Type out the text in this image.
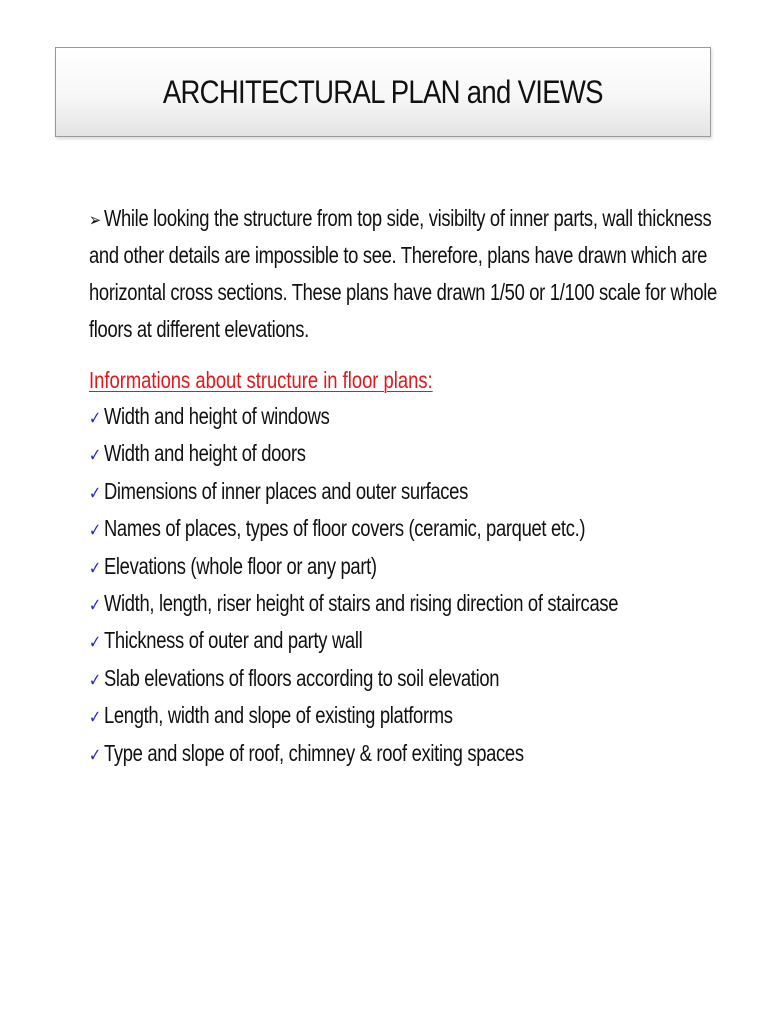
ARCHITECTURAL PLAN and VIEWS
➢ While looking the structure from top side, visibilty of inner parts, wall thickness
and other details are impossible to see. Therefore, plans have drawn which are
horizontal cross sections. These plans have drawn 1/50 or 1/100 scale for whole
floors at different elevations.
Informations about structure in floor plans:
✓ Width and height of windows
✓ Width and height of doors
✓ Dimensions of inner places and outer surfaces
✓ Names of places, types of floor covers (ceramic, parquet etc.)
✓ Elevations (whole floor or any part)
✓ Width, length, riser height of stairs and rising direction of staircase
✓ Thickness of outer and party wall
✓ Slab elevations of floors according to soil elevation
✓ Length, width and slope of existing platforms
✓ Type and slope of roof, chimney & roof exiting spaces
